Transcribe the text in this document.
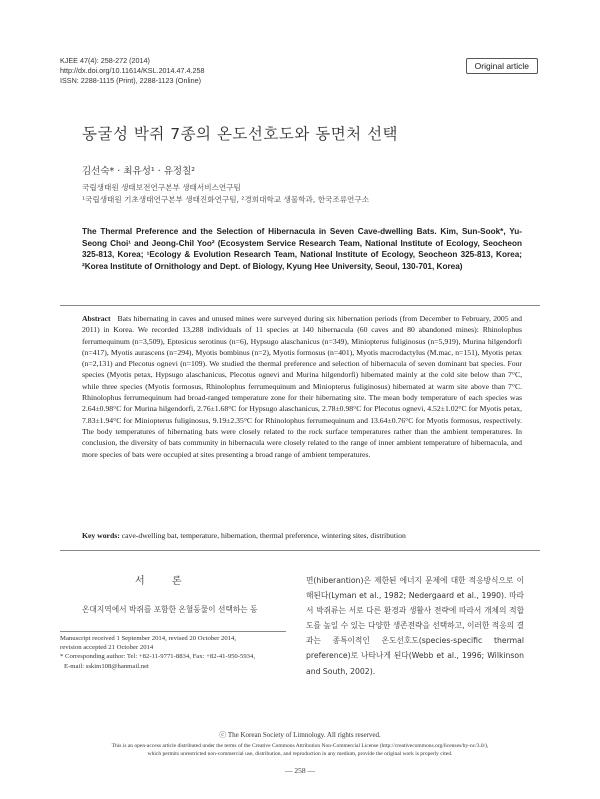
KJEE 47(4): 258-272 (2014)
http://dx.doi.org/10.11614/KSL.2014.47.4.258
ISSN: 2288-1115 (Print), 2288-1123 (Online)
Original article
동굴성 박쥐 7종의 온도선호도와 동면처 선택
김선숙* · 최유성¹ · 유정칠²
국립생태원 생태보전연구본부 생태서비스연구팀
¹국립생태원 기초생태연구본부 생태진화연구팀, ²경희대학교 생물학과, 한국조류연구소
The Thermal Preference and the Selection of Hibernacula in Seven Cave-dwelling Bats. Kim, Sun-Sook*, Yu-Seong Choi¹ and Jeong-Chil Yoo² (Ecosystem Service Research Team, National Institute of Ecology, Seocheon 325-813, Korea; ¹Ecology & Evolution Research Team, National Institute of Ecology, Seocheon 325-813, Korea; ²Korea Institute of Ornithology and Dept. of Biology, Kyung Hee University, Seoul, 130-701, Korea)
Abstract Bats hibernating in caves and unused mines were surveyed during six hibernation periods (from December to February, 2005 and 2011) in Korea. We recorded 13,288 individuals of 11 species at 140 hibernacula (60 caves and 80 abandoned mines): Rhinolophus ferrumequinum (n=3,509), Eptesicus serotinus (n=6), Hypsugo alaschanicus (n=349), Miniopterus fuliginosus (n=5,919), Murina hilgendorfi (n=417), Myotis aurascens (n=294), Myotis bombinus (n=2), Myotis formosus (n=401), Myotis macrodactylus (M.mac, n=151), Myotis petax (n=2,131) and Plecotus ognevi (n=109). We studied the thermal preference and selection of hibernacula of seven dominant bat species. Four species (Myotis petax, Hypsugo alaschanicus, Plecotus ognevi and Murina hilgendorfi) hibernated mainly at the cold site below than 7°C, while three species (Myotis formosus, Rhinolophus ferrumequinum and Miniopterus fuliginosus) hibernated at warm site above than 7°C. Rhinolophus ferrumequinum had broad-ranged temperature zone for their hibernating site. The mean body temperature of each species was 2.64±0.98°C for Murina hilgendorfi, 2.76±1.68°C for Hypsugo alaschanicus, 2.78±0.98°C for Plecotus ognevi, 4.52±1.02°C for Myotis petax, 7.83±1.94°C for Miniopterus fuliginosus, 9.19±2.35°C for Rhinolophus ferrumequinum and 13.64±0.76°C for Myotis formosus, respectively. The body temperatures of hibernating bats were closely related to the rock surface temperatures rather than the ambient temperatures. In conclusion, the diversity of bats community in hibernacula were closely related to the range of inner ambient temperature of hibernacula, and more species of bats were occupied at sites presenting a broad range of ambient temperatures.
Key words: cave-dwelling bat, temperature, hibernation, thermal preference, wintering sites, distribution
서 론
온대지역에서 박쥐를 포함한 온혈동물이 선택하는 동
면(hiberantion)은 제한된 에너지 문제에 대한 적응방식으로 이해된다(Lyman et al., 1982; Nedergaard et al., 1990). 따라서 박쥐류는 서로 다른 환경과 생활사 전략에 따라서 개체의 적합도를 높일 수 있는 다양한 생존전략을 선택하고, 이러한 적응의 결과는 종특이적인 온도선호도(species-specific thermal preference)로 나타나게 된다(Webb et al., 1996; Wilkinson and South, 2002).
Manuscript received 1 September 2014, revised 20 October 2014,
revision accepted 21 October 2014
* Corresponding author: Tel: +82-11-9771-8834, Fax: +82-41-950-5934,
E-mail: sskim108@hanmail.net
ⓒ The Korean Society of Limnology. All rights reserved.
This is an open-access article distributed under the terms of the Creative Commons Attribution Non-Commercial License (http://creativecommons.org/licenses/by-nc/3.0/),
which permits unrestricted non-commercial use, distribution, and reproduction in any medium, provide the original work is properly cited.
— 258 —
